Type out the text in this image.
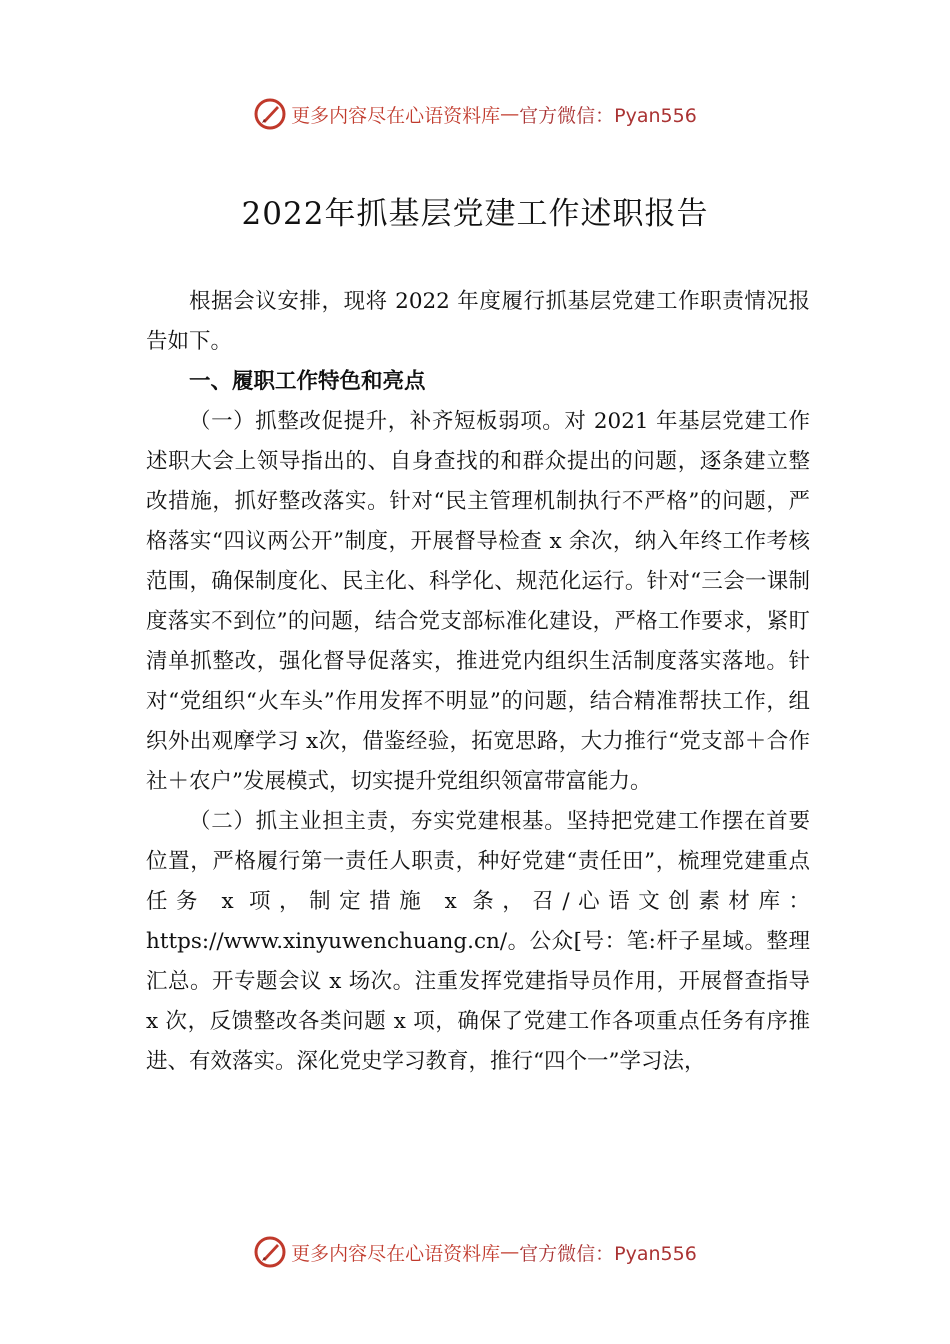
更多内容尽在心语资料库 — 官方微信：Pyan556
2022年抓基层党建工作述职报告

根据会议安排，现将 2022 年度履行抓基层党建工作职责情况报告如下。

一、履职工作特色和亮点

（一）抓整改促提升，补齐短板弱项。对 2021 年基层党建工作述职大会上领导指出的、自身查找的和群众提出的问题，逐条建立整改措施，抓好整改落实。针对“民主管理机制执行不严格”的问题，严格落实“四议两公开”制度，开展督导检查 x 余次，纳入年终工作考核范围，确保制度化、民主化、科学化、规范化运行。针对“三会一课制度落实不到位”的问题，结合党支部标准化建设，严格工作要求，紧盯清单抓整改，强化督导促落实，推进党内组织生活制度落实落地。针对“党组织“火车头”作用发挥不明显”的问题，结合精准帮扶工作，组织外出观摩学习 x次，借鉴经验，拓宽思路，大力推行“党支部＋合作社＋农户”发展模式，切实提升党组织领富带富能力。

（二）抓主业担主责，夯实党建根基。坚持把党建工作摆在首要位置，严格履行第一责任人职责，种好党建“责任田”，梳理党建重点任务 x 项，制定措施 x 条，召/心语文创素材库：https://www.xinyuwenchuang.cn/。公众[号：笔:杆子星域。整理汇总。开专题会议 x 场次。注重发挥党建指导员作用，开展督查指导 x 次，反馈整改各类问题 x 项，确保了党建工作各项重点任务有序推进、有效落实。深化党史学习教育，推行“四个一”学习法，

更多内容尽在心语资料库 — 官方微信：Pyan556
